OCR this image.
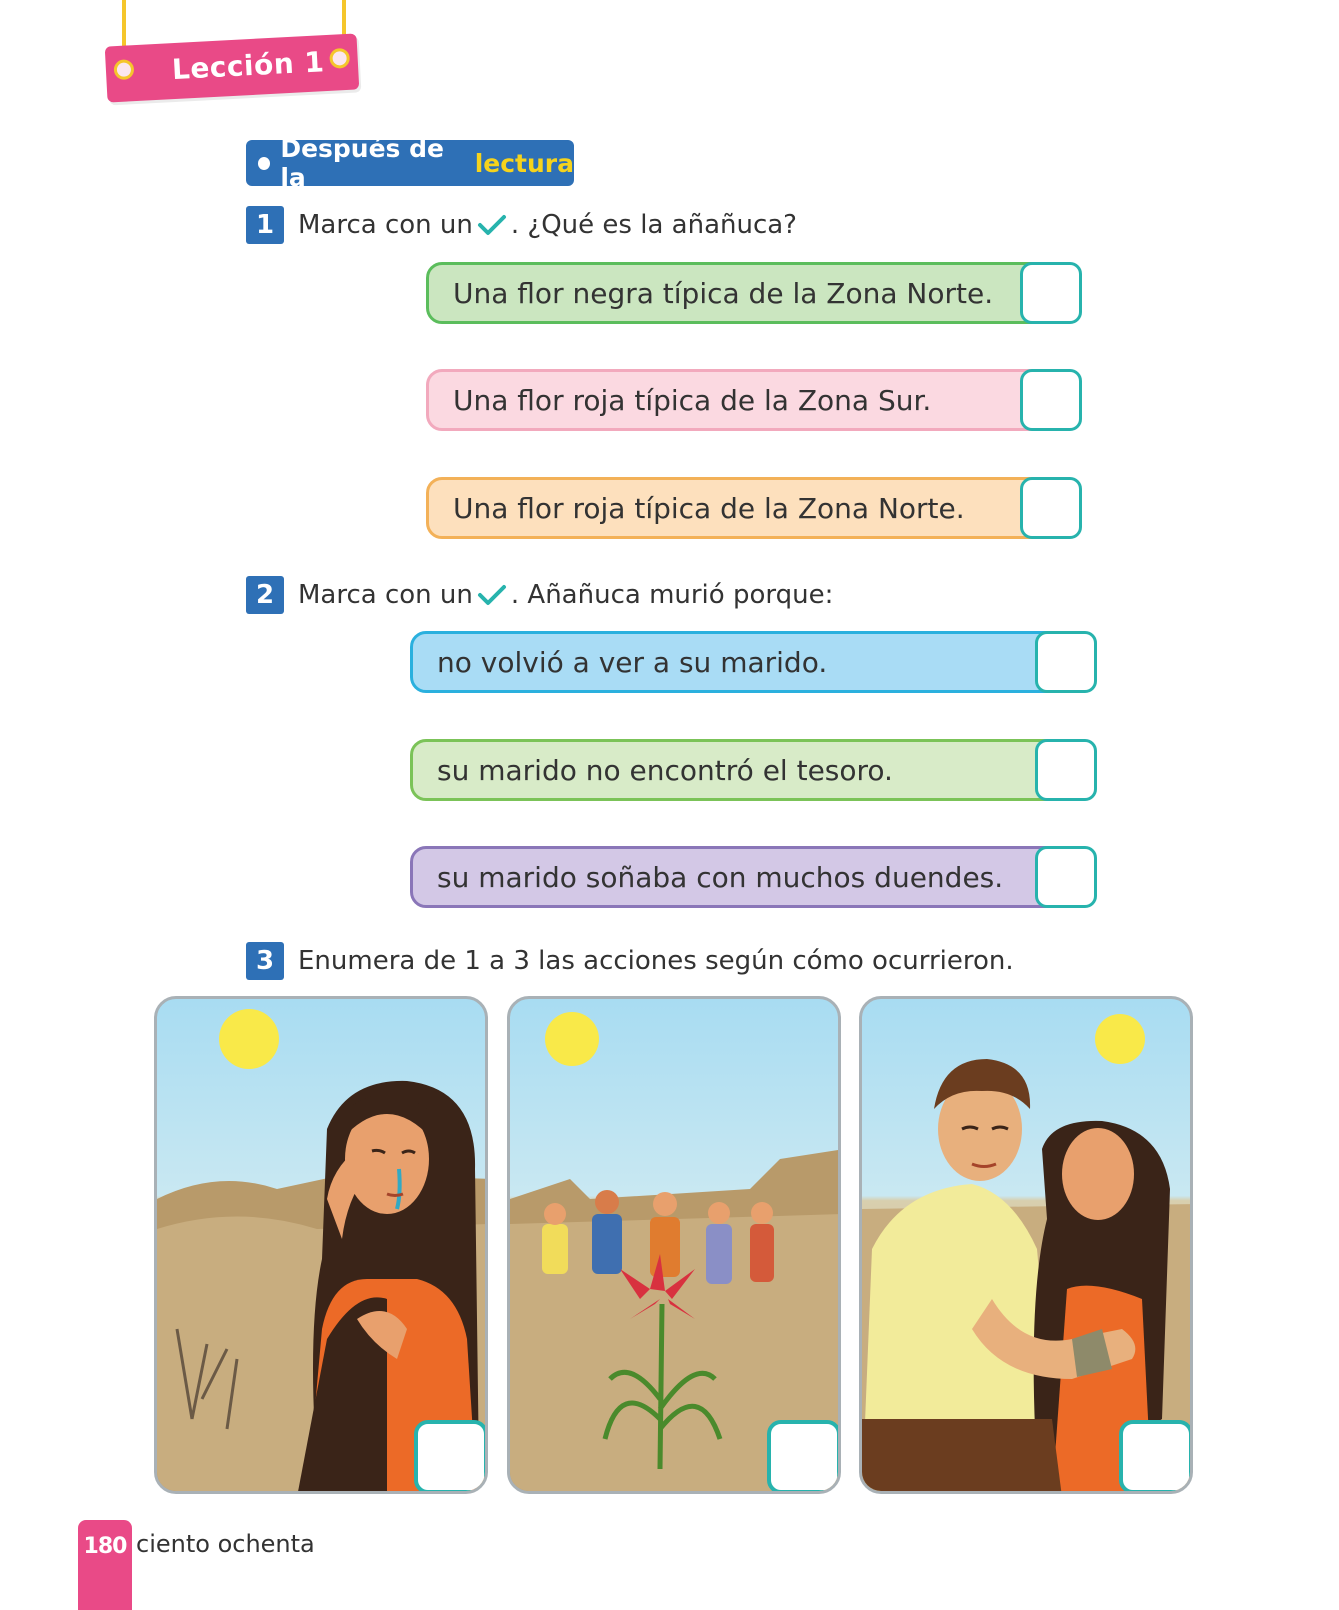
Lección 1
Después de la	lectura
1 Marca con un . ¿Qué es la añañuca?
Una flor negra típica de la Zona Norte.
Una flor roja típica de la Zona Sur.
Una flor roja típica de la Zona Norte.
2 Marca con un . Añañuca murió porque:
no volvió a ver a su marido.
su marido no encontró el tesoro.
su marido soñaba con muchos duendes.
3 Enumera de 1 a 3 las acciones según cómo ocurrieron.
180 ciento ochenta
